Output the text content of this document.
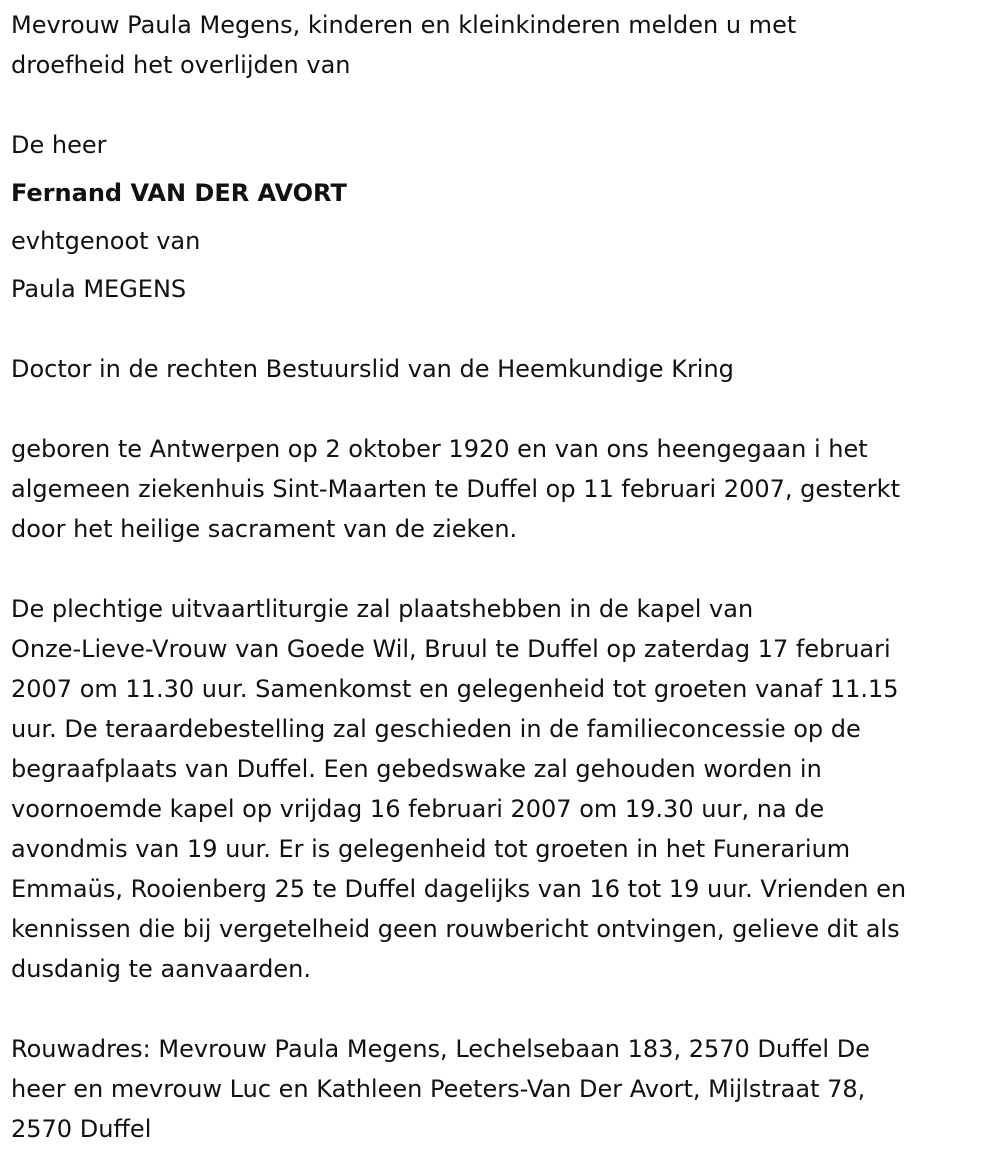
Mevrouw Paula Megens, kinderen en kleinkinderen melden u met
droefheid het overlijden van

De heer
Fernand VAN DER AVORT
evhtgenoot van
Paula MEGENS

Doctor in de rechten Bestuurslid van de Heemkundige Kring

geboren te Antwerpen op 2 oktober 1920 en van ons heengegaan i het
algemeen ziekenhuis Sint-Maarten te Duffel op 11 februari 2007, gesterkt
door het heilige sacrament van de zieken.

De plechtige uitvaartliturgie zal plaatshebben in de kapel van
Onze-Lieve-Vrouw van Goede Wil, Bruul te Duffel op zaterdag 17 februari
2007 om 11.30 uur. Samenkomst en gelegenheid tot groeten vanaf 11.15
uur. De teraardebestelling zal geschieden in de familieconcessie op de
begraafplaats van Duffel. Een gebedswake zal gehouden worden in
voornoemde kapel op vrijdag 16 februari 2007 om 19.30 uur, na de
avondmis van 19 uur. Er is gelegenheid tot groeten in het Funerarium
Emmaüs, Rooienberg 25 te Duffel dagelijks van 16 tot 19 uur. Vrienden en
kennissen die bij vergetelheid geen rouwbericht ontvingen, gelieve dit als
dusdanig te aanvaarden.

Rouwadres: Mevrouw Paula Megens, Lechelsebaan 183, 2570 Duffel De
heer en mevrouw Luc en Kathleen Peeters-Van Der Avort, Mijlstraat 78,
2570 Duffel
